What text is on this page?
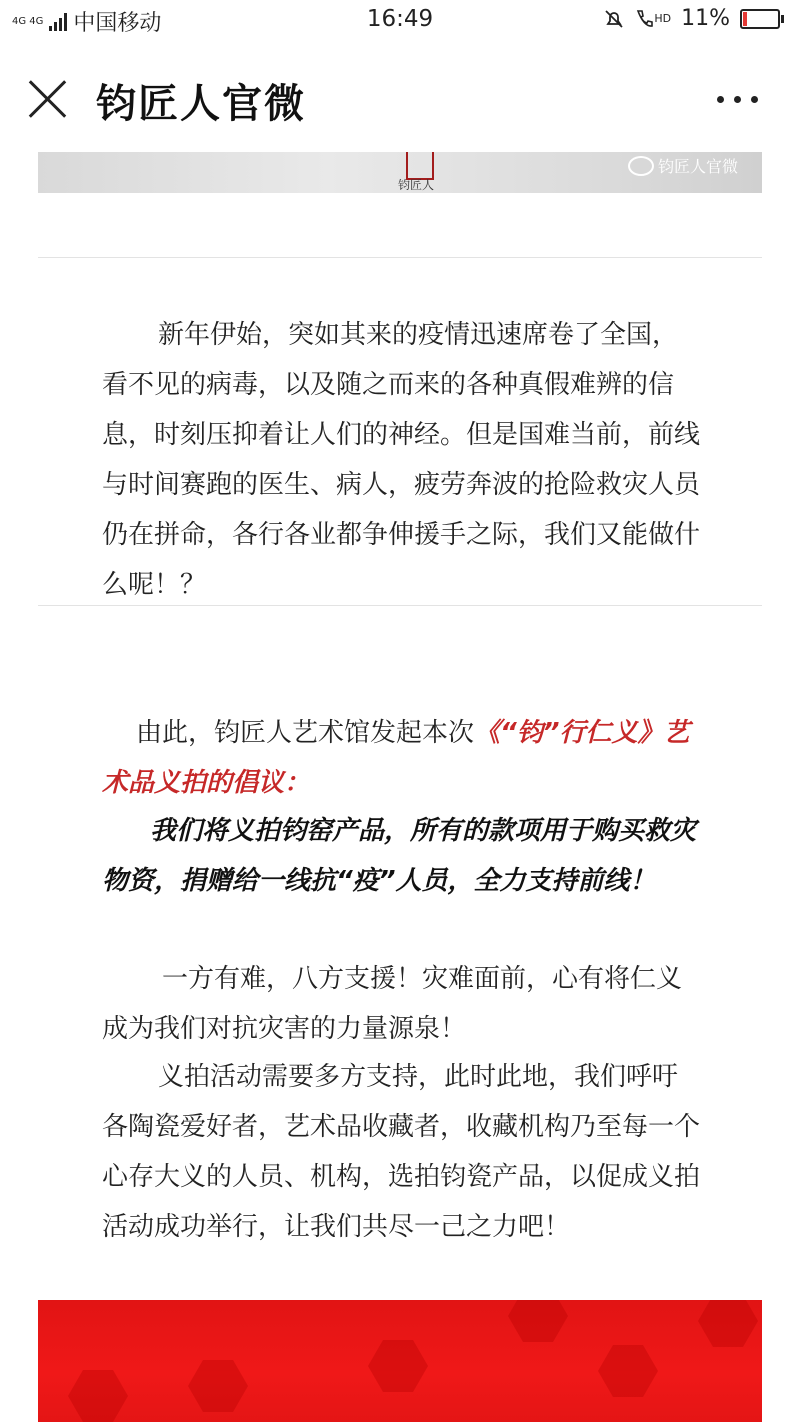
4G 4G 中国移动	16:49	HD 11%
钧匠人官微
钧匠人
钧匠人官微
新年伊始，突如其来的疫情迅速席卷了全国，看不见的病毒，以及随之而来的各种真假难辨的信息，时刻压抑着让人们的神经。但是国难当前，前线与时间赛跑的医生、病人，疲劳奔波的抢险救灾人员仍在拼命，各行各业都争伸援手之际，我们又能做什么呢！？
由此，钧匠人艺术馆发起本次《“钧”行仁义》艺术品义拍的倡议：
我们将义拍钧窑产品，所有的款项用于购买救灾物资，捐赠给一线抗“疫”人员，全力支持前线！
一方有难，八方支援！灾难面前，心有将仁义成为我们对抗灾害的力量源泉！
义拍活动需要多方支持，此时此地，我们呼吁各陶瓷爱好者，艺术品收藏者，收藏机构乃至每一个心存大义的人员、机构，选拍钧瓷产品，以促成义拍活动成功举行，让我们共尽一己之力吧！
